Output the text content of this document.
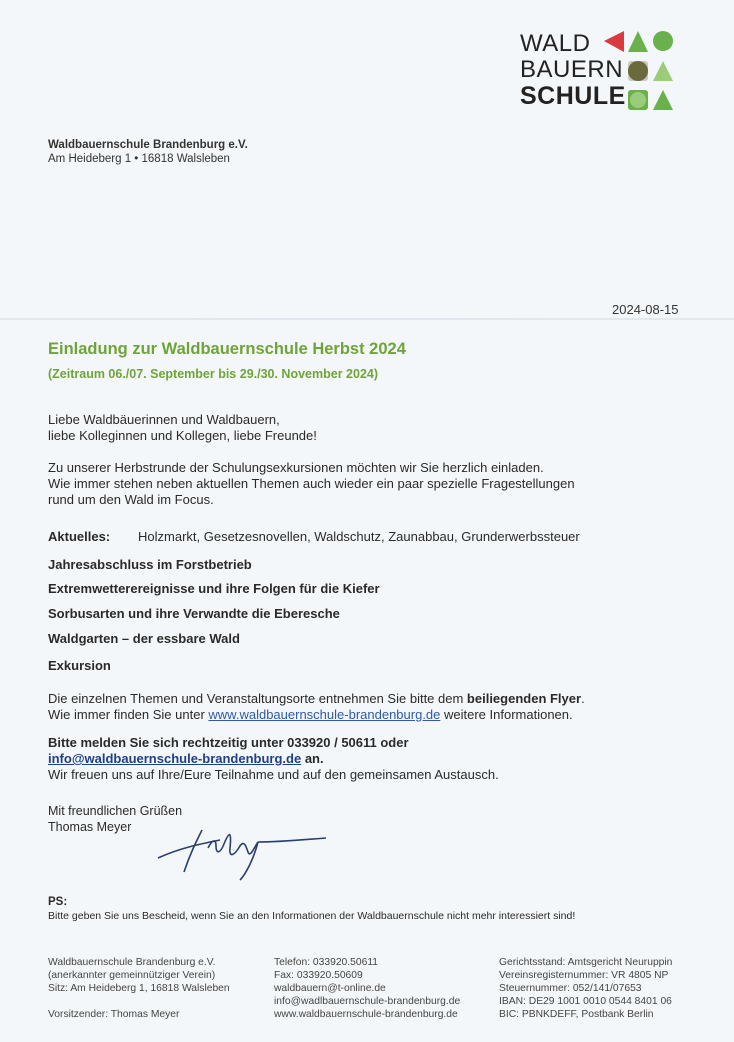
WALD
BAUERN
SCHULE
Waldbauernschule Brandenburg e.V.
Am Heideberg 1 • 16818 Walsleben
2024-08-15
Einladung zur Waldbauernschule Herbst 2024
(Zeitraum 06./07. September bis 29./30. November 2024)
Liebe Waldbäuerinnen und Waldbauern,
liebe Kolleginnen und Kollegen, liebe Freunde!
Zu unserer Herbstrunde der Schulungsexkursionen möchten wir Sie herzlich einladen.
Wie immer stehen neben aktuellen Themen auch wieder ein paar spezielle Fragestellungen
rund um den Wald im Focus.
Aktuelles: Holzmarkt, Gesetzesnovellen, Waldschutz, Zaunabbau, Grunderwerbssteuer
Jahresabschluss im Forstbetrieb
Extremwetterereignisse und ihre Folgen für die Kiefer
Sorbusarten und ihre Verwandte die Eberesche
Waldgarten – der essbare Wald
Exkursion
Die einzelnen Themen und Veranstaltungsorte entnehmen Sie bitte dem beiliegenden Flyer.
Wie immer finden Sie unter www.waldbauernschule-brandenburg.de weitere Informationen.
Bitte melden Sie sich rechtzeitig unter 033920 / 50611 oder
info@waldbauernschule-brandenburg.de an.
Wir freuen uns auf Ihre/Eure Teilnahme und auf den gemeinsamen Austausch.
Mit freundlichen Grüßen
Thomas Meyer
PS:
Bitte geben Sie uns Bescheid, wenn Sie an den Informationen der Waldbauernschule nicht mehr interessiert sind!
Waldbauernschule Brandenburg e.V.
(anerkannter gemeinnütziger Verein)
Sitz: Am Heideberg 1, 16818 Walsleben
Vorsitzender: Thomas Meyer
Telefon: 033920.50611
Fax: 033920.50609
waldbauern@t-online.de
info@wadlbauernschule-brandenburg.de
www.waldbauernschule-brandenburg.de
Gerichtsstand: Amtsgericht Neuruppin
Vereinsregisternummer: VR 4805 NP
Steuernummer: 052/141/07653
IBAN: DE29 1001 0010 0544 8401 06
BIC: PBNKDEFF, Postbank Berlin
